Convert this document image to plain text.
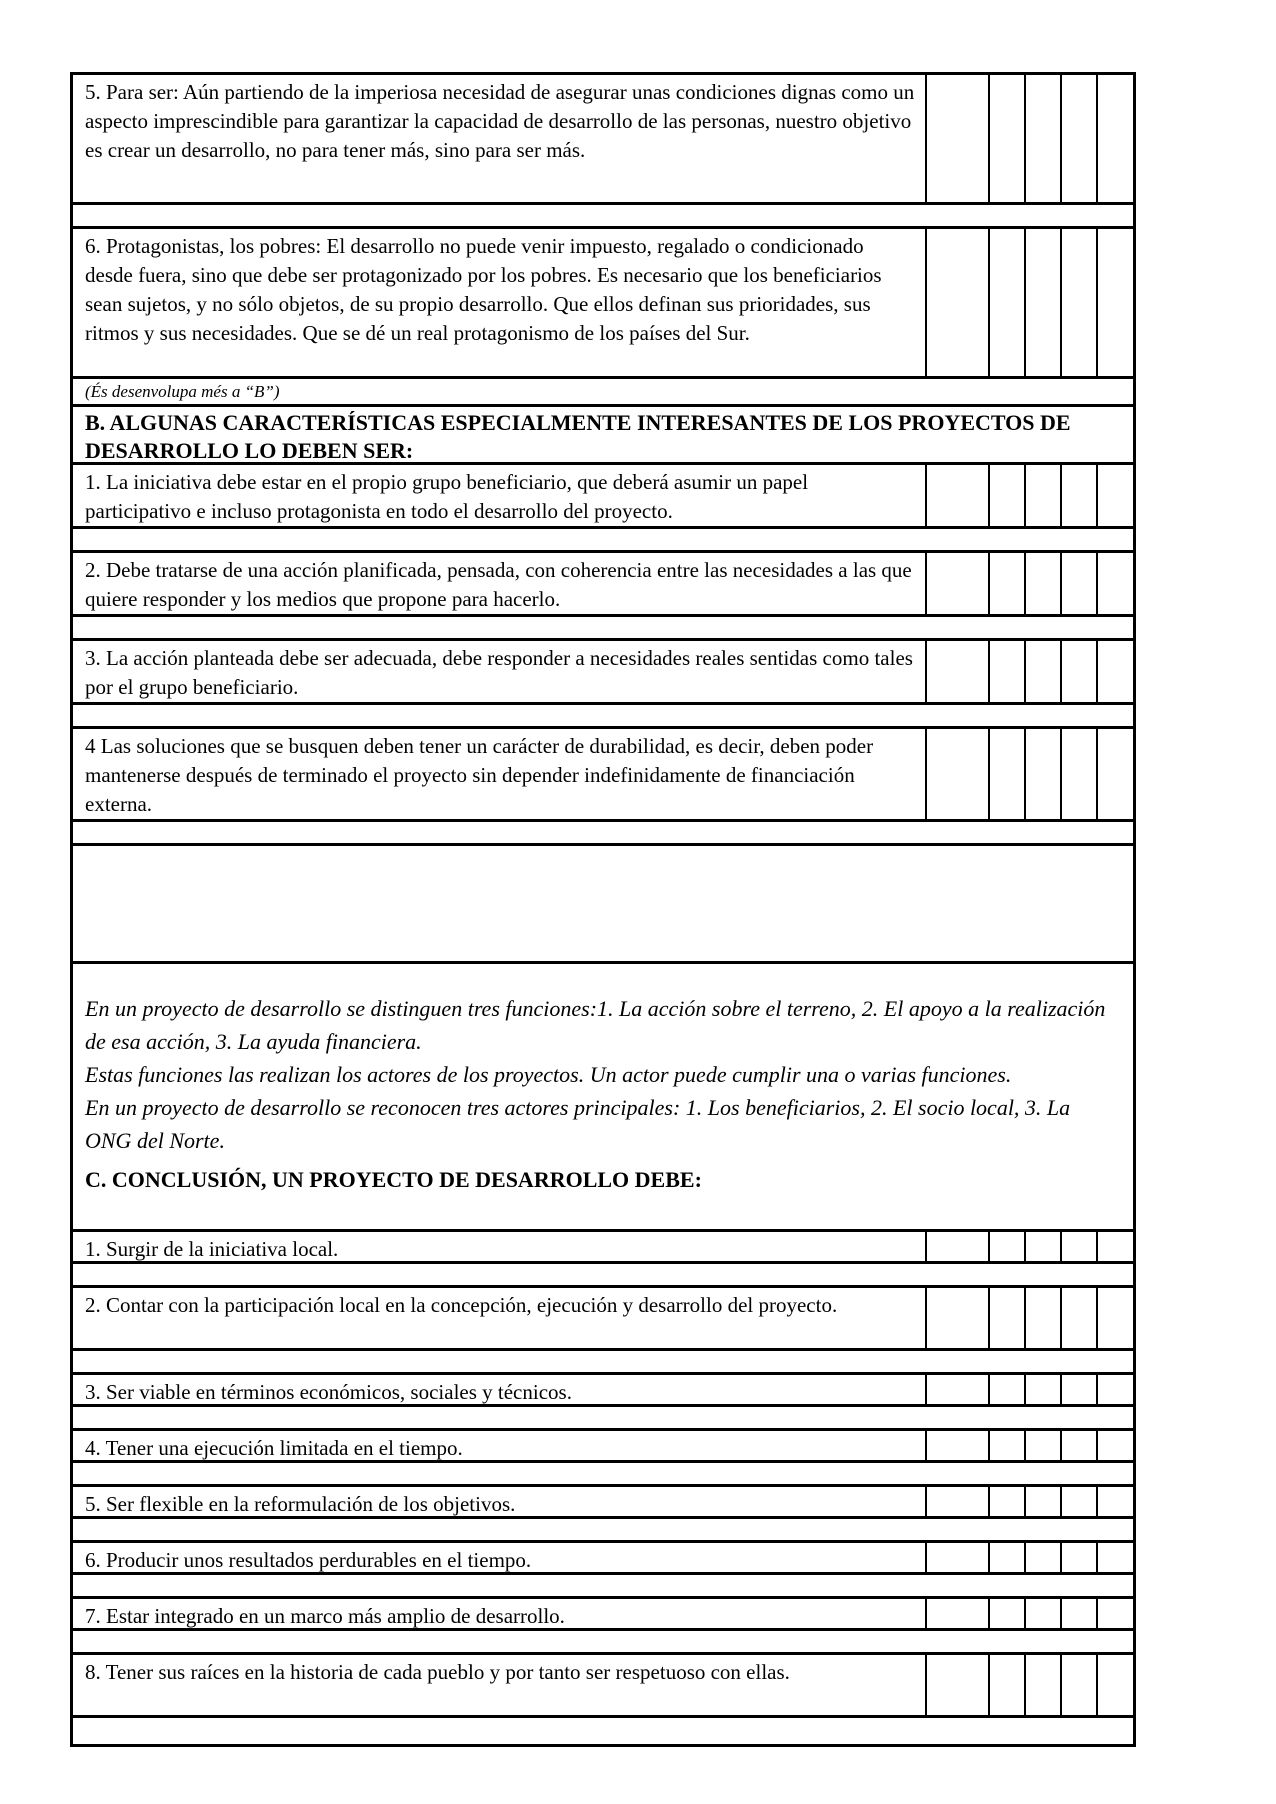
5. Para ser: Aún partiendo de la imperiosa necesidad de asegurar unas condiciones dignas como un aspecto imprescindible para garantizar la capacidad de desarrollo de las personas, nuestro objetivo es crear un desarrollo, no para tener más, sino para ser más.
6. Protagonistas, los pobres: El desarrollo no puede venir impuesto, regalado o condicionado desde fuera, sino que debe ser protagonizado por los pobres. Es necesario que los beneficiarios sean sujetos, y no sólo objetos, de su propio desarrollo. Que ellos definan sus prioridades, sus ritmos y sus necesidades. Que se dé un real protagonismo de los países del Sur.
(És desenvolupa més a “B”)
B. ALGUNAS CARACTERÍSTICAS ESPECIALMENTE INTERESANTES DE LOS PROYECTOS DE DESARROLLO LO DEBEN SER:
1. La iniciativa debe estar en el propio grupo beneficiario, que deberá asumir un papel participativo e incluso protagonista en todo el desarrollo del proyecto.
2. Debe tratarse de una acción planificada, pensada, con coherencia entre las necesidades a las que quiere responder y los medios que propone para hacerlo.
3. La acción planteada debe ser adecuada, debe responder a necesidades reales sentidas como tales por el grupo beneficiario.
4 Las soluciones que se busquen deben tener un carácter de durabilidad, es decir, deben poder mantenerse después de terminado el proyecto sin depender indefinidamente de financiación externa.

En un proyecto de desarrollo se distinguen tres funciones:1. La acción sobre el terreno, 2. El apoyo a la realización de esa acción, 3. La ayuda financiera.

Estas funciones las realizan los actores de los proyectos. Un actor puede cumplir una o varias funciones.

En un proyecto de desarrollo se reconocen tres actores principales: 1. Los beneficiarios, 2. El socio local, 3. La ONG del Norte.

C. CONCLUSIÓN, UN PROYECTO DE DESARROLLO DEBE:
1. Surgir de la iniciativa local.
2. Contar con la participación local en la concepción, ejecución y desarrollo del proyecto.
3. Ser viable en términos económicos, sociales y técnicos.
4. Tener una ejecución limitada en el tiempo.
5. Ser flexible en la reformulación de los objetivos.
6. Producir unos resultados perdurables en el tiempo.
7. Estar integrado en un marco más amplio de desarrollo.
8. Tener sus raíces en la historia de cada pueblo y por tanto ser respetuoso con ellas.
